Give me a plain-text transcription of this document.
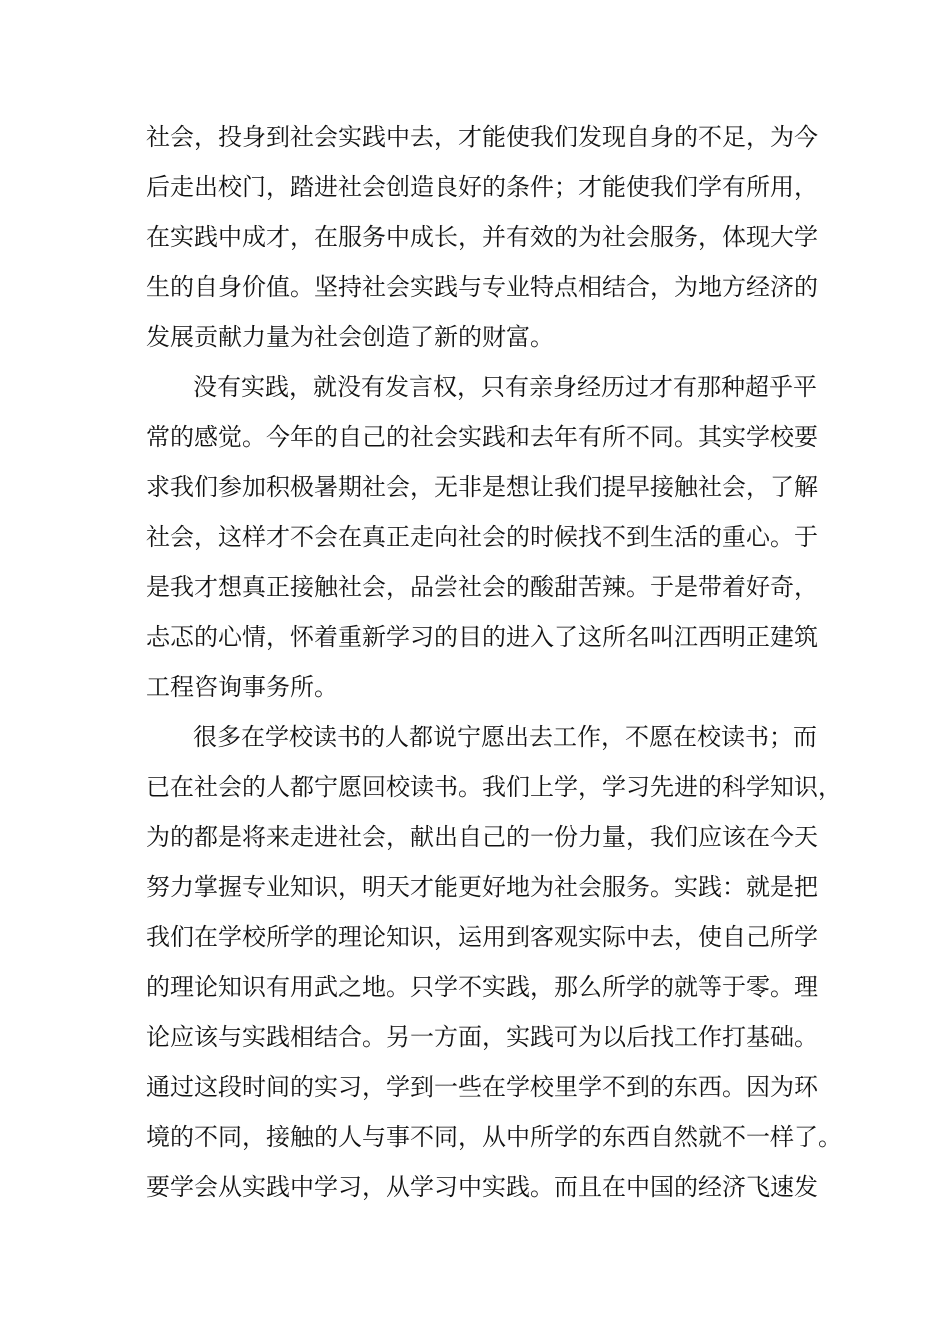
社会，投身到社会实践中去，才能使我们发现自身的不足，为今
后走出校门，踏进社会创造良好的条件；才能使我们学有所用，
在实践中成才，在服务中成长，并有效的为社会服务，体现大学
生的自身价值。坚持社会实践与专业特点相结合，为地方经济的
发展贡献力量为社会创造了新的财富。
没有实践，就没有发言权，只有亲身经历过才有那种超乎平
常的感觉。今年的自己的社会实践和去年有所不同。其实学校要
求我们参加积极暑期社会，无非是想让我们提早接触社会，了解
社会，这样才不会在真正走向社会的时候找不到生活的重心。于
是我才想真正接触社会，品尝社会的酸甜苦辣。于是带着好奇，
忐忑的心情，怀着重新学习的目的进入了这所名叫江西明正建筑
工程咨询事务所。
很多在学校读书的人都说宁愿出去工作，不愿在校读书；而
已在社会的人都宁愿回校读书。我们上学，学习先进的科学知识，
为的都是将来走进社会，献出自己的一份力量，我们应该在今天
努力掌握专业知识，明天才能更好地为社会服务。实践：就是把
我们在学校所学的理论知识，运用到客观实际中去，使自己所学
的理论知识有用武之地。只学不实践，那么所学的就等于零。理
论应该与实践相结合。另一方面，实践可为以后找工作打基础。
通过这段时间的实习，学到一些在学校里学不到的东西。因为环
境的不同，接触的人与事不同，从中所学的东西自然就不一样了。
要学会从实践中学习，从学习中实践。而且在中国的经济飞速发
